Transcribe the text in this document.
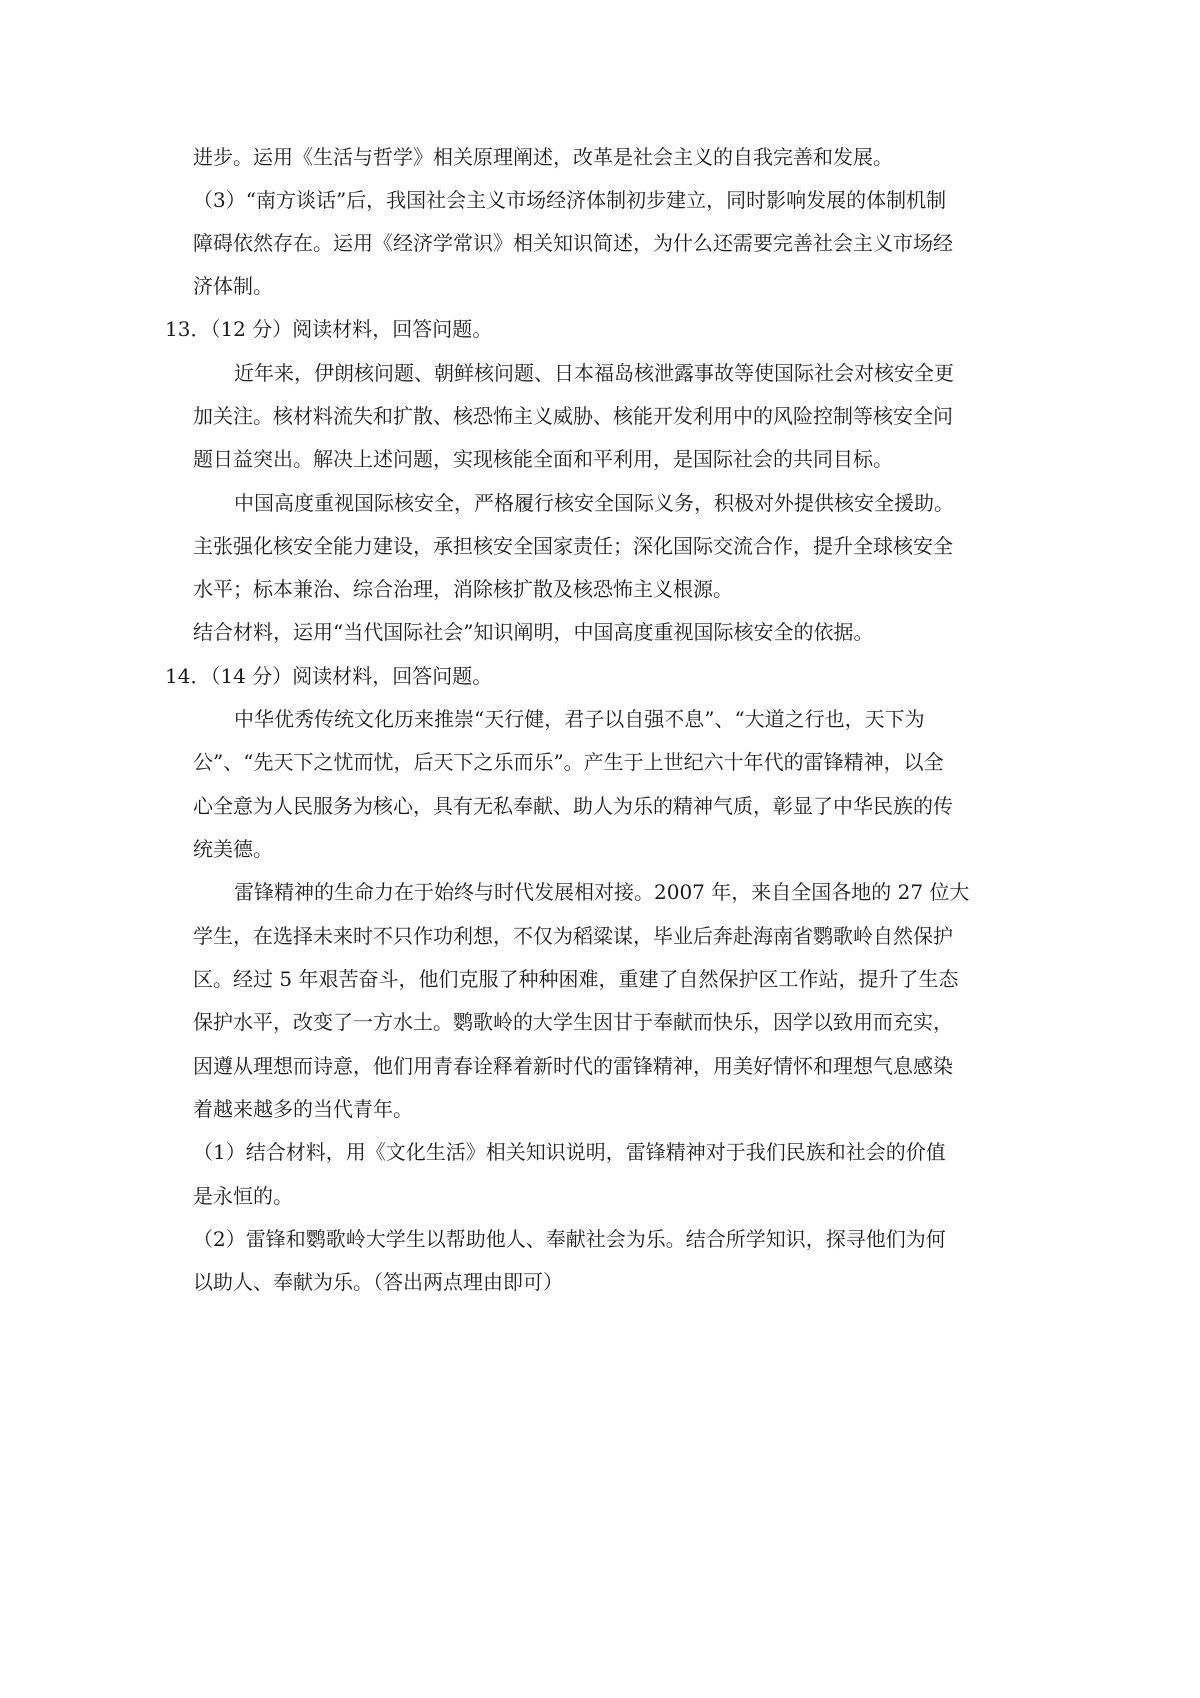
进步。运用《生活与哲学》相关原理阐述，改革是社会主义的自我完善和发展。
（3）“南方谈话”后，我国社会主义市场经济体制初步建立，同时影响发展的体制机制
障碍依然存在。运用《经济学常识》相关知识简述，为什么还需要完善社会主义市场经
济体制。
13．（12 分）阅读材料，回答问题。
近年来，伊朗核问题、朝鲜核问题、日本福岛核泄露事故等使国际社会对核安全更
加关注。核材料流失和扩散、核恐怖主义威胁、核能开发利用中的风险控制等核安全问
题日益突出。解决上述问题，实现核能全面和平利用，是国际社会的共同目标。
中国高度重视国际核安全，严格履行核安全国际义务，积极对外提供核安全援助。
主张强化核安全能力建设，承担核安全国家责任；深化国际交流合作，提升全球核安全
水平；标本兼治、综合治理，消除核扩散及核恐怖主义根源。
结合材料，运用“当代国际社会”知识阐明，中国高度重视国际核安全的依据。
14．（14 分）阅读材料，回答问题。
中华优秀传统文化历来推崇“天行健，君子以自强不息”、“大道之行也，天下为
公”、“先天下之忧而忧，后天下之乐而乐”。产生于上世纪六十年代的雷锋精神，以全
心全意为人民服务为核心，具有无私奉献、助人为乐的精神气质，彰显了中华民族的传
统美德。
雷锋精神的生命力在于始终与时代发展相对接。2007 年，来自全国各地的 27 位大
学生，在选择未来时不只作功利想，不仅为稻粱谋，毕业后奔赴海南省鹦歌岭自然保护
区。经过 5 年艰苦奋斗，他们克服了种种困难，重建了自然保护区工作站，提升了生态
保护水平，改变了一方水土。鹦歌岭的大学生因甘于奉献而快乐，因学以致用而充实，
因遵从理想而诗意，他们用青春诠释着新时代的雷锋精神，用美好情怀和理想气息感染
着越来越多的当代青年。
（1）结合材料，用《文化生活》相关知识说明，雷锋精神对于我们民族和社会的价值
是永恒的。
（2）雷锋和鹦歌岭大学生以帮助他人、奉献社会为乐。结合所学知识，探寻他们为何
以助人、奉献为乐。（答出两点理由即可）
